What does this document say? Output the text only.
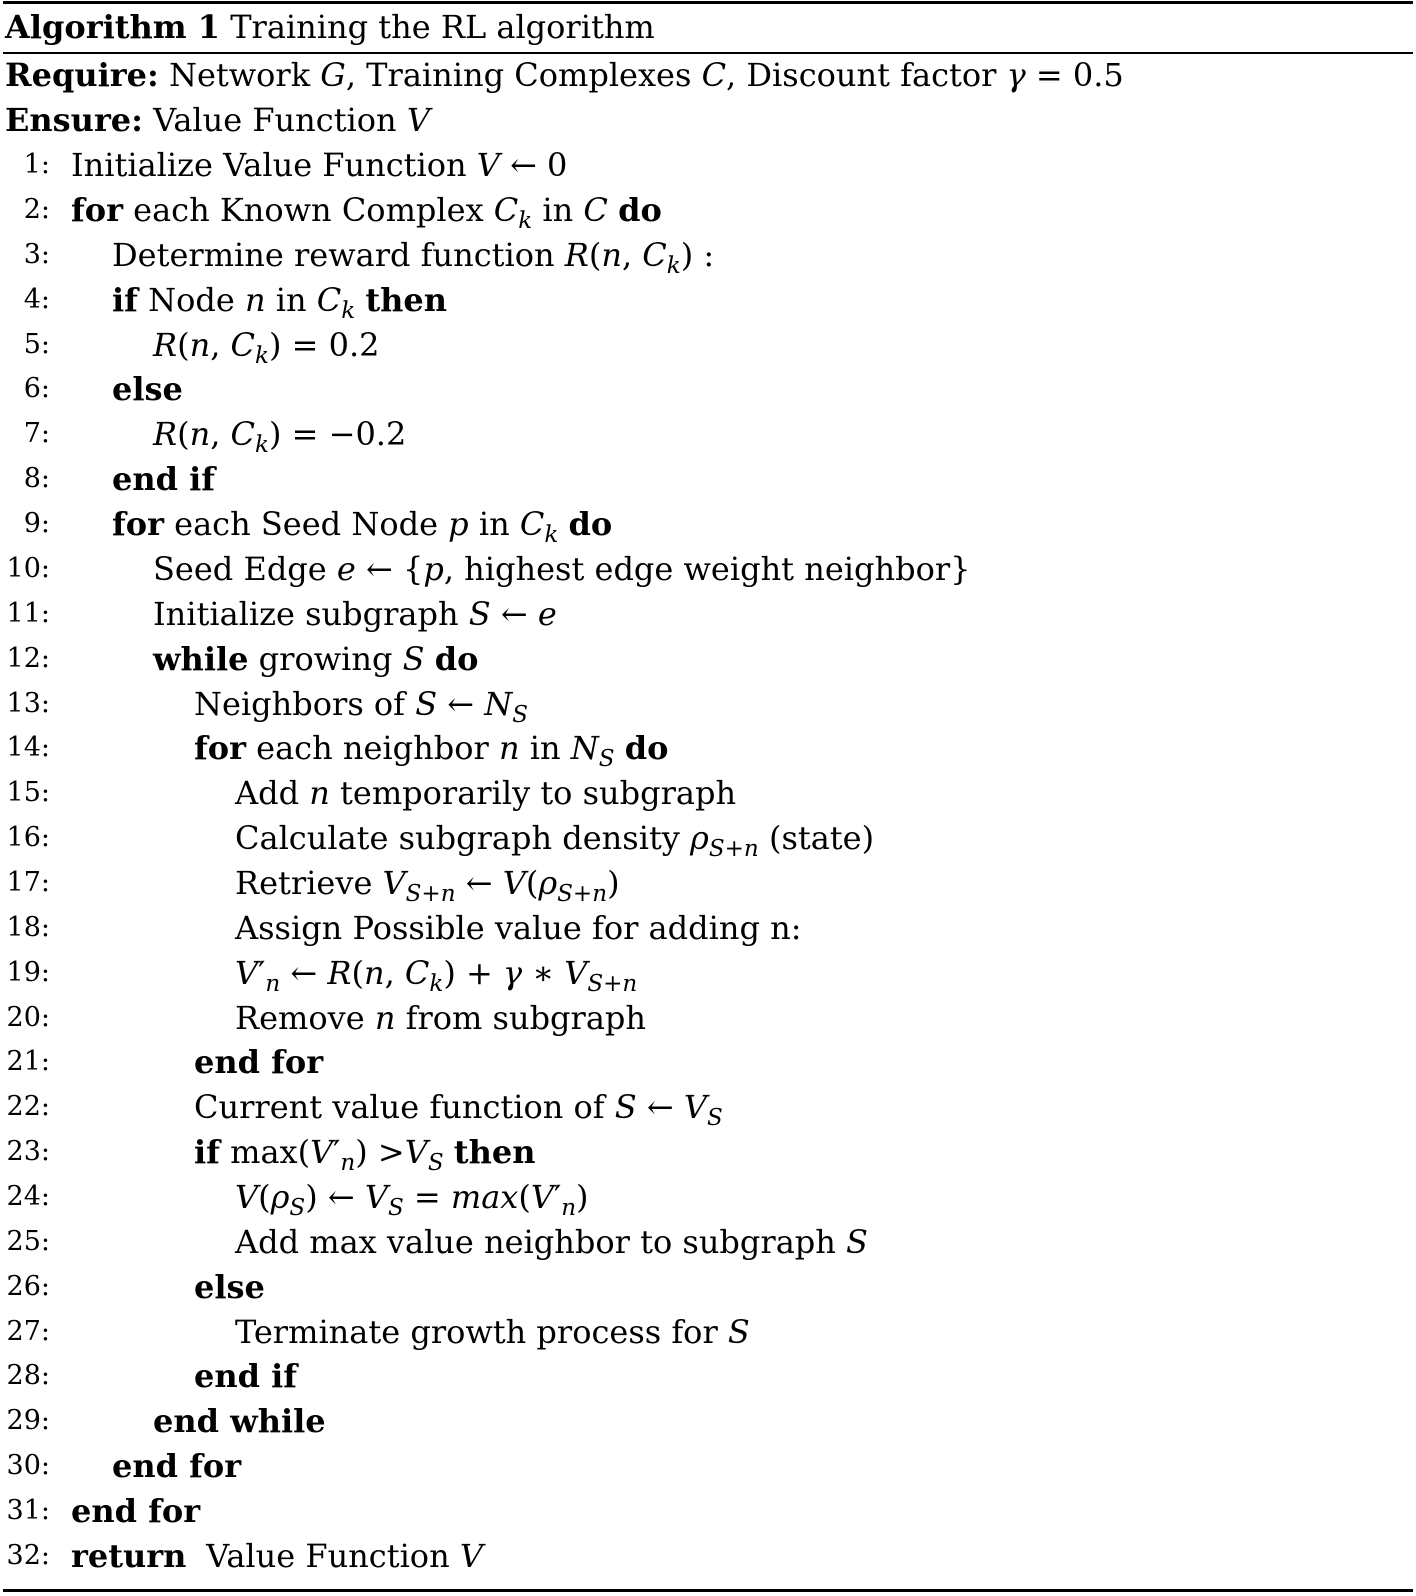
Algorithm 1 Training the RL algorithm
Require: Network G, Training Complexes C, Discount factor γ = 0.5
Ensure: Value Function V
1: Initialize Value Function V ← 0
2: for each Known Complex $C_k$ in C do
3: Determine reward function R(n, $C_k$) :
4: if Node n in $C_k$ then
5:	R(n, $C_k) = 0.2$
6: else
7:	R(n, $C_k) = -0.2$
8: end if
9: for each Seed Node p in $C_k$ do
10:	Seed Edge e ← {p, highest edge weight neighbor}
11:	Initialize subgraph S ← e
12:	while growing S do
13:	Neighbors of S ← $N_S$
14:	for each neighbor n in $N_S$ do
15:	Add n temporarily to subgraph
16:	Calculate subgraph density $\rho_{S+n}$ (state)
17:	Retrieve $V_{S+n}$ ← $V(\rho_{S+n})$
18:	Assign Possible value for adding n:
19:	$V'_n$ ← R(n, $C_k) + \gamma$ ∗ $V_{S+n}$
20:	Remove n from subgraph
21:	end for
22:	Current value function of S ← $V_S$
23:	if $\max(V'_n) >V_S$ then
24:	$V(\rho_S)$ ← $V_S = \max(V'_n)$
25:	Add max value neighbor to subgraph S
26:	else
27:	Terminate growth process for S
28:	end if
29:	end while
30: end for
31: end for
32: return Value Function V
